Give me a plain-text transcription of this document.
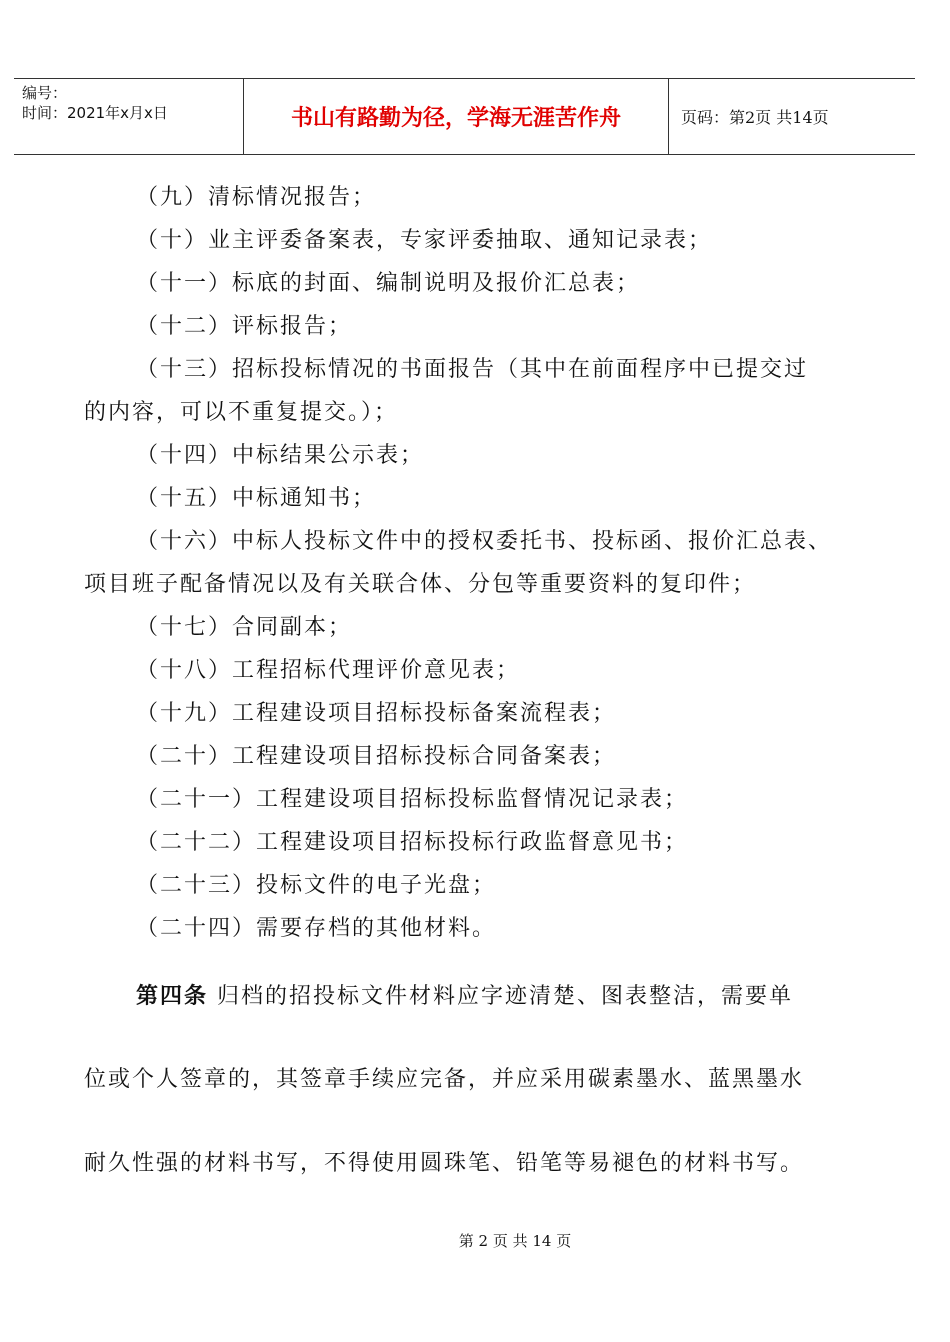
编号：
时间：2021年x月x日	书山有路勤为径，学海无涯苦作舟	页码：第2页 共14页
（九）清标情况报告；
（十）业主评委备案表，专家评委抽取、通知记录表；
（十一）标底的封面、编制说明及报价汇总表；
（十二）评标报告；
（十三）招标投标情况的书面报告（其中在前面程序中已提交过
的内容，可以不重复提交。）；
（十四）中标结果公示表；
（十五）中标通知书；
（十六）中标人投标文件中的授权委托书、投标函、报价汇总表、
项目班子配备情况以及有关联合体、分包等重要资料的复印件；
（十七）合同副本；
（十八）工程招标代理评价意见表；
（十九）工程建设项目招标投标备案流程表；
（二十）工程建设项目招标投标合同备案表；
（二十一）工程建设项目招标投标监督情况记录表；
（二十二）工程建设项目招标投标行政监督意见书；
（二十三）投标文件的电子光盘；
（二十四）需要存档的其他材料。
第四条 归档的招投标文件材料应字迹清楚、图表整洁，需要单
位或个人签章的，其签章手续应完备，并应采用碳素墨水、蓝黑墨水
耐久性强的材料书写，不得使用圆珠笔、铅笔等易褪色的材料书写。
第 2 页 共 14 页
